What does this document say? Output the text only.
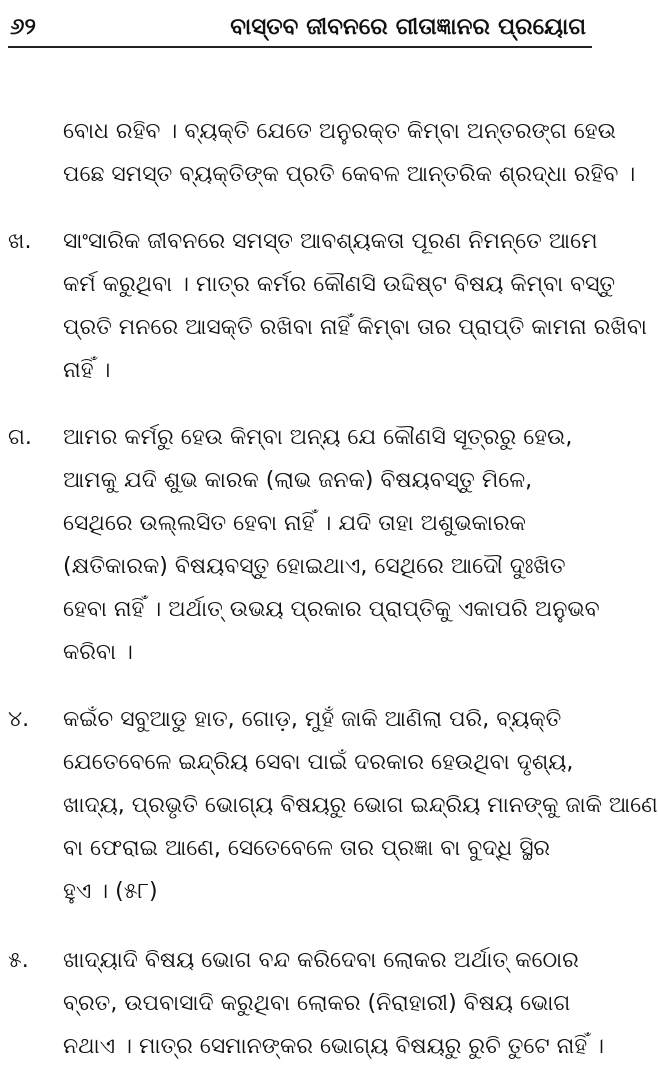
୬୨	ବାସ୍ତବ ଜୀବନରେ ଗୀତାଜ୍ଞାନର ପ୍ରୟୋଗ
ବୋଧ ରହିବ । ବ୍ୟକ୍ତି ଯେତେ ଅନୁରକ୍ତ କିମ୍ବା ଅନ୍ତରଙ୍ଗ ହେଉ
ପଛେ ସମସ୍ତ ବ୍ୟକ୍ତିଙ୍କ ପ୍ରତି କେବଳ ଆନ୍ତରିକ ଶ୍ରଦ୍ଧା ରହିବ ।
ଖ. ସାଂସାରିକ ଜୀବନରେ ସମସ୍ତ ଆବଶ୍ୟକତା ପୂରଣ ନିମନ୍ତେ ଆମେ
କର୍ମ କରୁଥିବା । ମାତ୍ର କର୍ମର କୌଣସି ଉଦ୍ଦିଷ୍ଟ ବିଷୟ କିମ୍ବା ବସ୍ତୁ
ପ୍ରତି ମନରେ ଆସକ୍ତି ରଖିବା ନାହିଁ କିମ୍ବା ତାର ପ୍ରାପ୍ତି କାମନା ରଖିବା
ନାହିଁ ।
ଗ. ଆମର କର୍ମରୁ ହେଉ କିମ୍ବା ଅନ୍ୟ ଯେ କୌଣସି ସୂତ୍ରରୁ ହେଉ,
ଆମକୁ ଯଦି ଶୁଭ କାରକ (ଲାଭ ଜନକ) ବିଷୟବସ୍ତୁ ମିଳେ,
ସେଥିରେ ଉଲ୍ଲସିତ ହେବା ନାହିଁ । ଯଦି ତାହା ଅଶୁଭକାରକ
(କ୍ଷତିକାରକ) ବିଷୟବସ୍ତୁ ହୋଇଥାଏ, ସେଥିରେ ଆଦୌ ଦୁଃଖିତ
ହେବା ନାହିଁ । ଅର୍ଥାତ୍ ଉଭୟ ପ୍ରକାର ପ୍ରାପ୍ତିକୁ ଏକାପରି ଅନୁଭବ
କରିବା ।
୪. କଇଁଚ ସବୁଆଡୁ ହାତ, ଗୋଡ଼, ମୁହଁ ଜାକି ଆଣିଲା ପରି, ବ୍ୟକ୍ତି
ଯେତେବେଳେ ଇନ୍ଦ୍ରିୟ ସେବା ପାଇଁ ଦରକାର ହେଉଥିବା ଦୃଶ୍ୟ,
ଖାଦ୍ୟ, ପ୍ରଭୃତି ଭୋଗ୍ୟ ବିଷୟରୁ ଭୋଗ ଇନ୍ଦ୍ରିୟ ମାନଙ୍କୁ ଜାକି ଆଣେ
ବା ଫେରାଇ ଆଣେ, ସେତେବେଳେ ତାର ପ୍ରଜ୍ଞା ବା ବୁଦ୍ଧି ସ୍ଥିର
ହୁଏ । (୫୮)
୫. ଖାଦ୍ୟାଦି ବିଷୟ ଭୋଗ ବନ୍ଦ କରିଦେବା ଲୋକର ଅର୍ଥାତ୍ କଠୋର
ବ୍ରତ, ଉପବାସାଦି କରୁଥିବା ଲୋକର (ନିରାହାରୀ) ବିଷୟ ଭୋଗ
ନଥାଏ । ମାତ୍ର ସେମାନଙ୍କର ଭୋଗ୍ୟ ବିଷୟରୁ ରୁଚି ତୁଟେ ନାହିଁ ।
